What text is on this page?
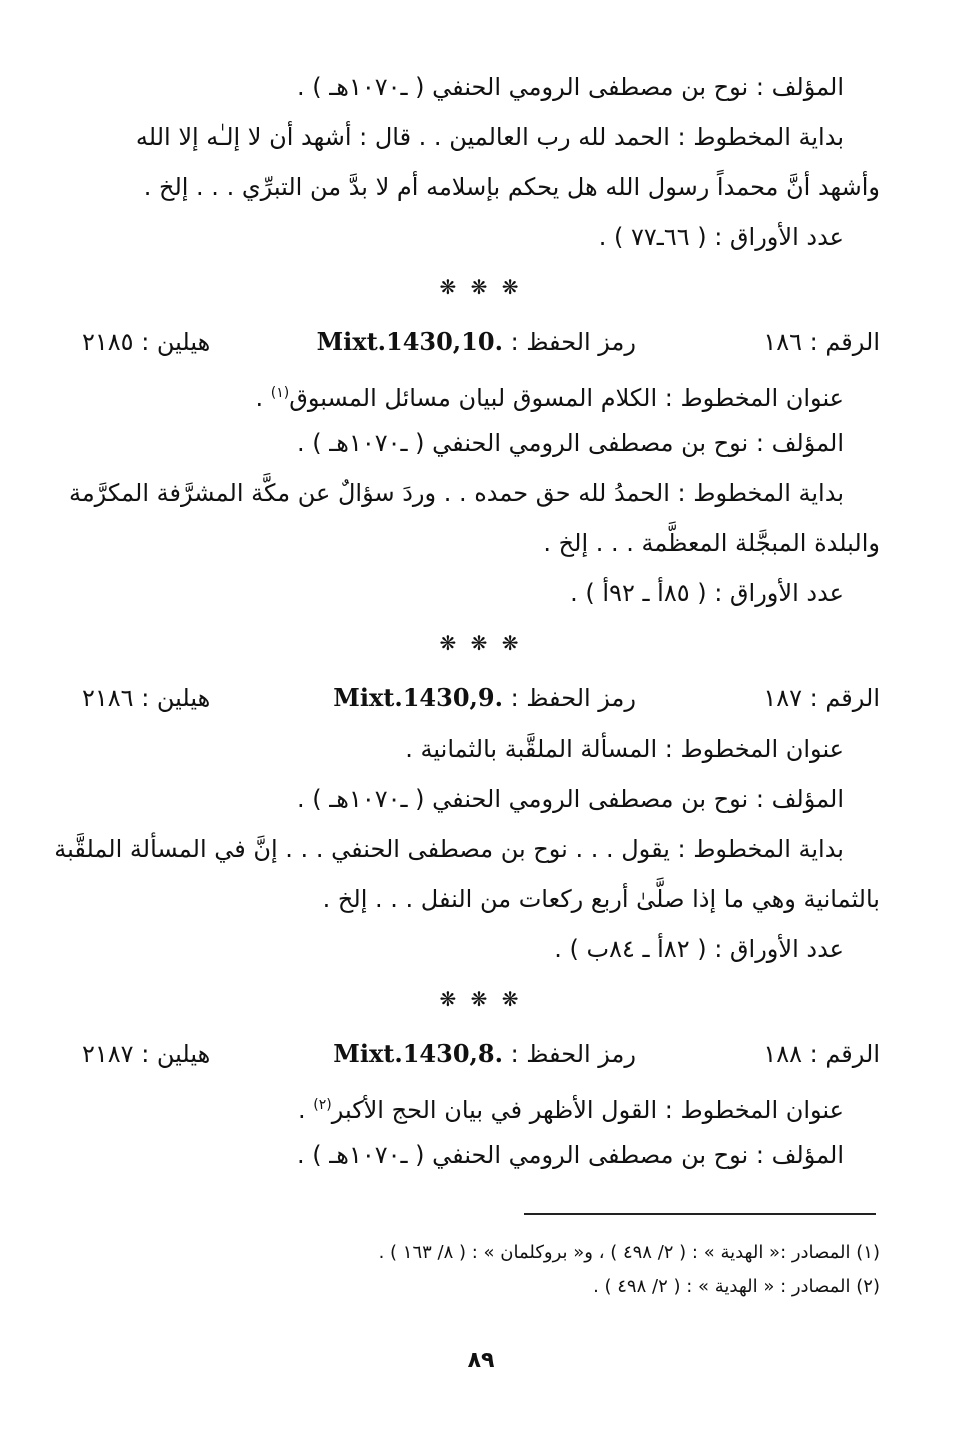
المؤلف : نوح بن مصطفى الرومي الحنفي ( ـ١٠٧٠هـ ) .
بداية المخطوط : الحمد لله رب العالمين . . قال : أشهد أن لا إلـٰه إلا الله
وأشهد أنَّ محمداً رسول الله هل يحكم بإسلامه أم لا بدَّ من التبرِّي . . . إلخ .
عدد الأوراق : ( ٦٦ـ٧٧ ) .
❋ ❋ ❋
الرقم : ١٨٦
رمز الحفظ : Mixt.1430,10.
هيلين : ٢١٨٥
عنوان المخطوط : الكلام المسوق لبيان مسائل المسبوق$^{(١)}$ .
المؤلف : نوح بن مصطفى الرومي الحنفي ( ـ١٠٧٠هـ ) .
بداية المخطوط : الحمدُ لله حق حمده . . وردَ سؤالٌ عن مكَّة المشرَّفة المكرَّمة
والبلدة المبجَّلة المعظَّمة . . . إلخ .
عدد الأوراق : ( ٨٥أ ـ ٩٢أ ) .
❋ ❋ ❋
الرقم : ١٨٧
رمز الحفظ : Mixt.1430,9.
هيلين : ٢١٨٦
عنوان المخطوط : المسألة الملقَّبة بالثمانية .
المؤلف : نوح بن مصطفى الرومي الحنفي ( ـ١٠٧٠هـ ) .
بداية المخطوط : يقول . . . نوح بن مصطفى الحنفي . . . إنَّ في المسألة الملقَّبة
بالثمانية وهي ما إذا صلَّىٰ أربع ركعات من النفل . . . إلخ .
عدد الأوراق : ( ٨٢أ ـ ٨٤ب ) .
❋ ❋ ❋
الرقم : ١٨٨
رمز الحفظ : Mixt.1430,8.
هيلين : ٢١٨٧
عنوان المخطوط : القول الأظهر في بيان الحج الأكبر$^{(٢)}$ .
المؤلف : نوح بن مصطفى الرومي الحنفي ( ـ١٠٧٠هـ ) .
(١) المصادر :« الهدية » : ( ٢/ ٤٩٨ ) ، و« بروكلمان » : ( ٨/ ١٦٣ ) .
(٢) المصادر : « الهدية » : ( ٢/ ٤٩٨ ) .
٨٩
